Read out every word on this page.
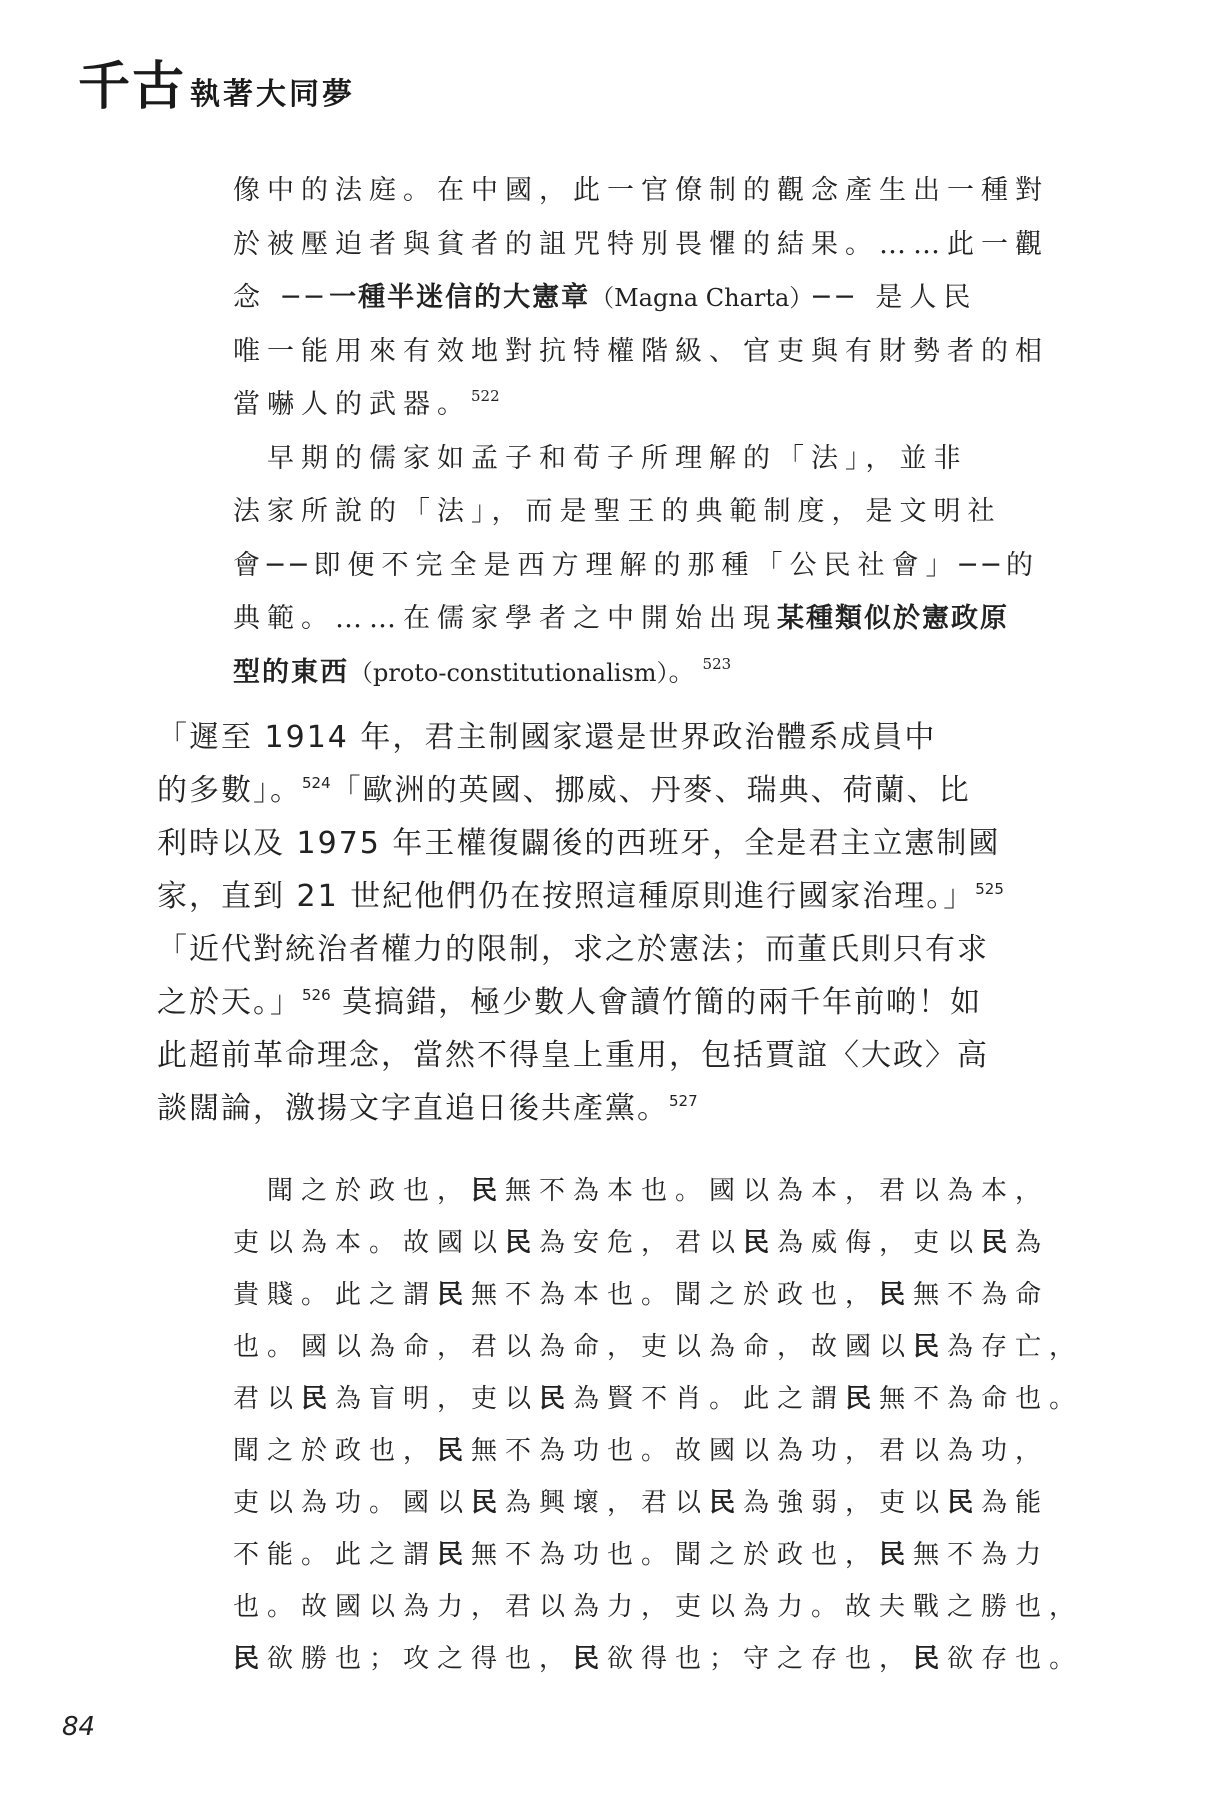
千古 執著大同夢
像中的法庭。在中國，此一官僚制的觀念產生出一種對
於被壓迫者與貧者的詛咒特別畏懼的結果。……此一觀
念 ──一種半迷信的大憲章（Magna Charta）── 是人民
唯一能用來有效地對抗特權階級、官吏與有財勢者的相
當嚇人的武器。$^{522}$
　早期的儒家如孟子和荀子所理解的「法」，並非
法家所說的「法」，而是聖王的典範制度，是文明社
會──即便不完全是西方理解的那種「公民社會」──的
典範。……在儒家學者之中開始出現某種類似於憲政原
型的東西（proto-constitutionalism）。$^{523}$
「遲至 1914 年，君主制國家還是世界政治體系成員中
的多數」。$^{524}$「歐洲的英國、挪威、丹麥、瑞典、荷蘭、比
利時以及 1975 年王權復闢後的西班牙，全是君主立憲制國
家，直到 21 世紀他們仍在按照這種原則進行國家治理。」$^{525}$
「近代對統治者權力的限制，求之於憲法；而董氏則只有求
之於天。」$^{526}$ 莫搞錯，極少數人會讀竹簡的兩千年前啲！如
此超前革命理念，當然不得皇上重用，包括賈誼〈大政〉高
談闊論，激揚文字直追日後共產黨。$^{527}$
　聞之於政也，民無不為本也。國以為本，君以為本，
吏以為本。故國以民為安危，君以民為威侮，吏以民為
貴賤。此之謂民無不為本也。聞之於政也，民無不為命
也。國以為命，君以為命，吏以為命，故國以民為存亡，
君以民為盲明，吏以民為賢不肖。此之謂民無不為命也。
聞之於政也，民無不為功也。故國以為功，君以為功，
吏以為功。國以民為興壞，君以民為強弱，吏以民為能
不能。此之謂民無不為功也。聞之於政也，民無不為力
也。故國以為力，君以為力，吏以為力。故夫戰之勝也，
民欲勝也；攻之得也，民欲得也；守之存也，民欲存也。
84
